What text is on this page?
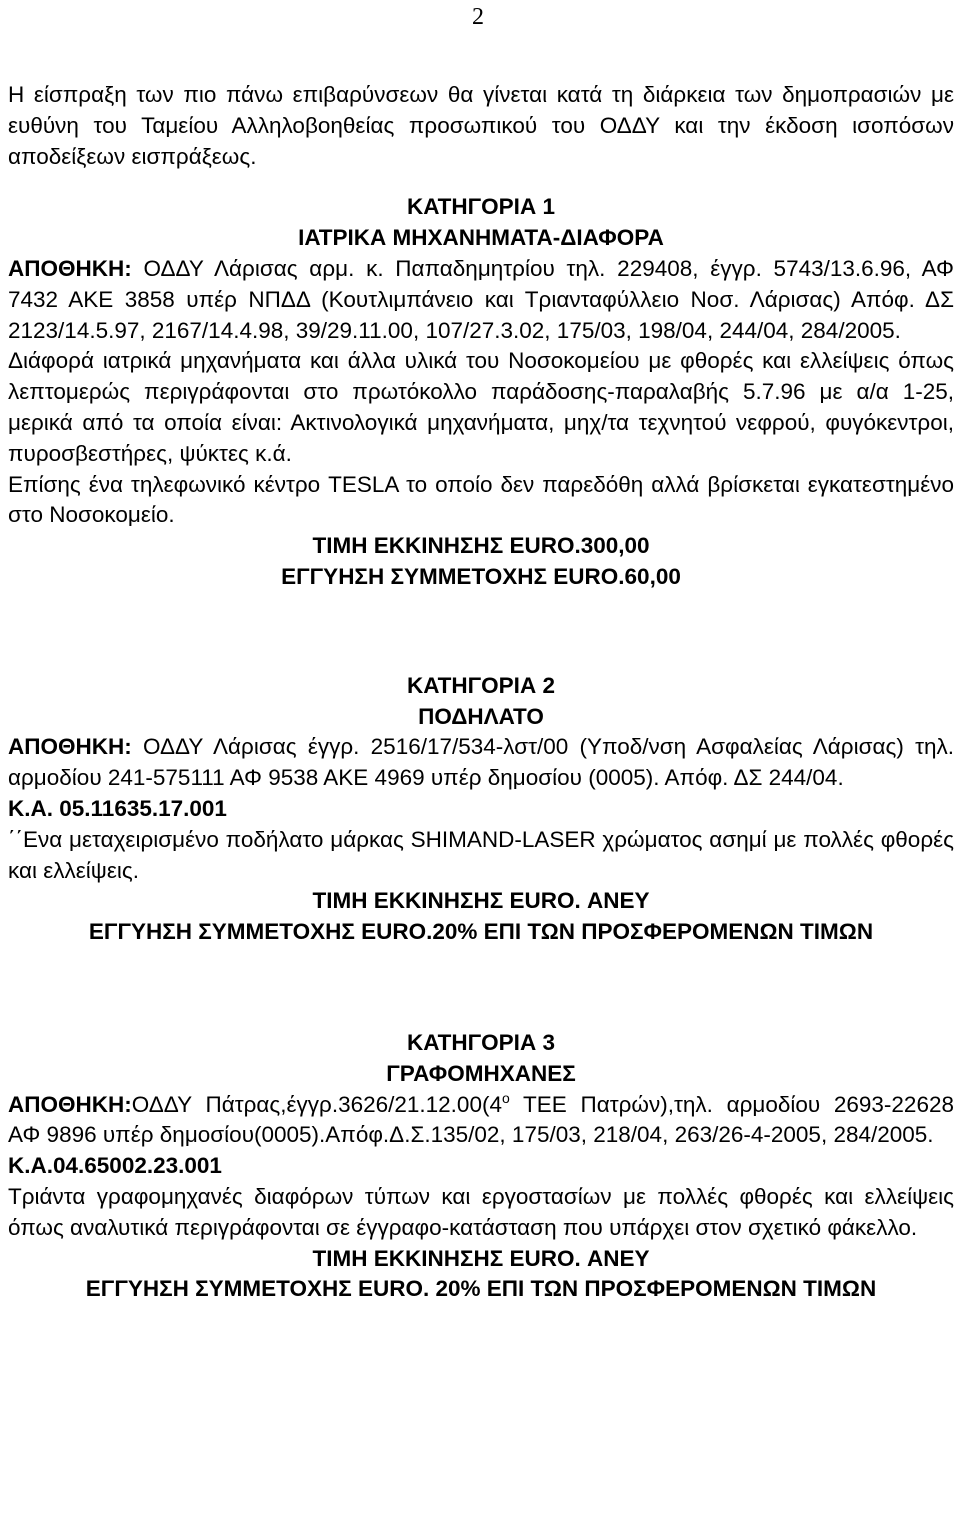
2

Η είσπραξη των πιο πάνω επιβαρύνσεων θα γίνεται κατά τη διάρκεια των δημοπρασιών με ευθύνη του Ταμείου Αλληλοβοηθείας προσωπικού του ΟΔΔΥ και την έκδοση ισοπόσων αποδείξεων εισπράξεως.

ΚΑΤΗΓΟΡΙΑ 1

ΙΑΤΡΙΚΑ ΜΗΧΑΝΗΜΑΤΑ-ΔΙΑΦΟΡΑ

ΑΠΟΘΗΚΗ: ΟΔΔΥ Λάρισας αρμ. κ. Παπαδημητρίου τηλ. 229408, έγγρ. 5743/13.6.96, ΑΦ 7432 ΑΚΕ 3858 υπέρ ΝΠΔΔ (Κουτλιμπάνειο και Τριανταφύλλειο Νοσ. Λάρισας) Απόφ. ΔΣ 2123/14.5.97, 2167/14.4.98, 39/29.11.00, 107/27.3.02, 175/03, 198/04, 244/04, 284/2005.

Διάφορά ιατρικά μηχανήματα και άλλα υλικά του Νοσοκομείου με φθορές και ελλείψεις όπως λεπτομερώς περιγράφονται στο πρωτόκολλο παράδοσης-παραλαβής 5.7.96 με α/α 1-25, μερικά από τα οποία είναι: Ακτινολογικά μηχανήματα, μηχ/τα τεχνητού νεφρού, φυγόκεντροι, πυροσβεστήρες, ψύκτες κ.ά.

Επίσης ένα τηλεφωνικό κέντρο TESLA το οποίο δεν παρεδόθη αλλά βρίσκεται εγκατεστημένο στο Νοσοκομείο.

ΤΙΜΗ ΕΚΚΙΝΗΣΗΣ EURO.300,00

ΕΓΓΥΗΣΗ ΣΥΜΜΕΤΟΧΗΣ EURO.60,00

ΚΑΤΗΓΟΡΙΑ 2

ΠΟΔΗΛΑΤΟ

ΑΠΟΘΗΚΗ: ΟΔΔΥ Λάρισας έγγρ. 2516/17/534-λστ/00 (Υποδ/νση Ασφαλείας Λάρισας) τηλ. αρμοδίου 241-575111 ΑΦ 9538 ΑΚΕ 4969 υπέρ δημοσίου (0005). Απόφ. ΔΣ 244/04.

Κ.Α. 05.11635.17.001

΄΄Ενα μεταχειρισμένο ποδήλατο μάρκας SHIMAND-LASER χρώματος ασημί με πολλές φθορές και ελλείψεις.

ΤΙΜΗ ΕΚΚΙΝΗΣΗΣ EURO. ΑΝΕΥ

ΕΓΓΥΗΣΗ ΣΥΜΜΕΤΟΧΗΣ EURO.20% ΕΠΙ ΤΩΝ ΠΡΟΣΦΕΡΟΜΕΝΩΝ ΤΙΜΩΝ

ΚΑΤΗΓΟΡΙΑ 3

ΓΡΑΦΟΜΗΧΑΝΕΣ

ΑΠΟΘΗΚΗ:ΟΔΔΥ $\Pi ά\tau\rho\alpha\varsigma,έ\gamma\gamma\rho.3626/21.12.00(4^o$ ΤΕΕ Πατρών),τηλ. αρμοδίου 2693-22628 ΑΦ 9896 υπέρ δημοσίου(0005).Απόφ.Δ.Σ.135/02, 175/03, 218/04, 263/26-4-2005, 284/2005.

Κ.Α.04.65002.23.001

Τριάντα γραφομηχανές διαφόρων τύπων και εργοστασίων με πολλές φθορές και ελλείψεις όπως αναλυτικά περιγράφονται σε έγγραφο-κατάσταση που υπάρχει στον σχετικό φάκελλο.

ΤΙΜΗ ΕΚΚΙΝΗΣΗΣ EURO. ΑΝΕΥ

ΕΓΓΥΗΣΗ ΣΥΜΜΕΤΟΧΗΣ EURO. 20% ΕΠΙ ΤΩΝ ΠΡΟΣΦΕΡΟΜΕΝΩΝ ΤΙΜΩΝ
